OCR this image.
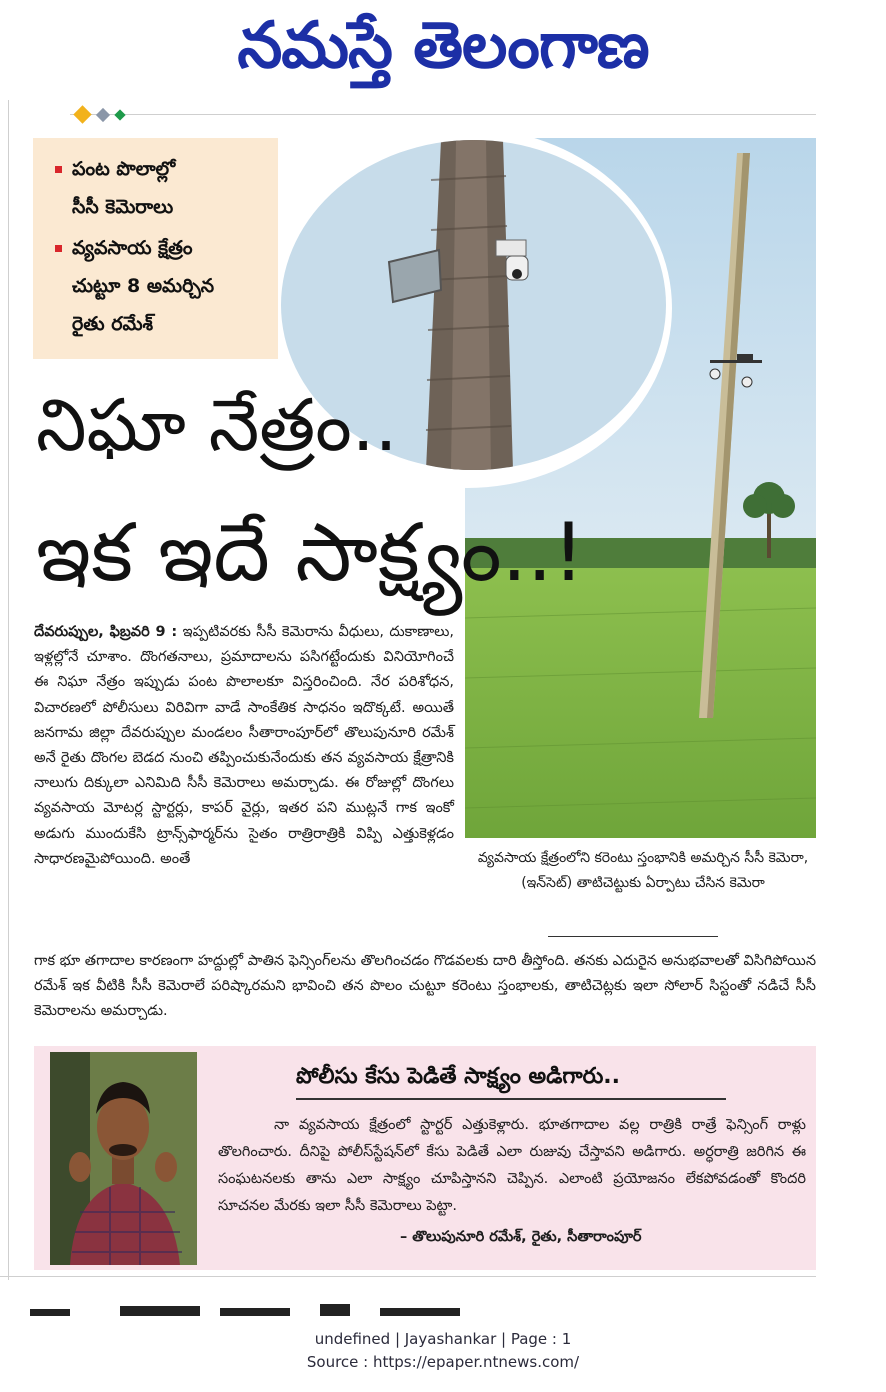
నమస్తే తెలంగాణ
పంట పొలాల్లో
సీసీ కెమెరాలు
వ్యవసాయ క్షేత్రం
చుట్టూ 8 అమర్చిన
రైతు రమేశ్
నిఘా నేత్రం..
ఇక ఇదే సాక్ష్యం..!
దేవరుప్పుల, ఫిబ్రవరి 9 : ఇప్పటివరకు సీసీ కెమెరాను వీధులు, దుకాణాలు, ఇళ్లల్లోనే చూశాం. దొంగతనాలు, ప్రమాదాలను పసిగట్టేందుకు వినియోగించే ఈ నిఘా నేత్రం ఇప్పుడు పంట పొలాలకూ విస్తరించింది. నేర పరిశోధన, విచారణలో పోలీసులు విరివిగా వాడే సాంకేతిక సాధనం ఇదొక్కటే. అయితే జనగామ జిల్లా దేవరుప్పుల మండలం సీతారాంపూర్‌లో తొలుపునూరి రమేశ్ అనే రైతు దొంగల బెడద నుంచి తప్పించుకునేందుకు తన వ్యవసాయ క్షేత్రానికి నాలుగు దిక్కులా ఎనిమిది సీసీ కెమెరాలు అమర్చాడు. ఈ రోజుల్లో దొంగలు వ్యవసాయ మోటర్ల స్టార్టర్లు, కాపర్ వైర్లు, ఇతర పని ముట్లనే గాక ఇంకో అడుగు ముందుకేసి ట్రాన్స్‌ఫార్మర్‌ను సైతం రాత్రిరాత్రికి విప్పి ఎత్తుకెళ్లడం సాధారణమైపోయింది. అంతే
గాక భూ తగాదాల కారణంగా హద్దుల్లో పాతిన ఫెన్సింగ్‌లను తొలగించడం గొడవలకు దారి తీస్తోంది. తనకు ఎదురైన అనుభవాలతో విసిగిపోయిన రమేశ్ ఇక వీటికి సీసీ కెమెరాలే పరిష్కారమని భావించి తన పొలం చుట్టూ కరెంటు స్తంభాలకు, తాటిచెట్లకు ఇలా సోలార్ సిస్టంతో నడిచే సీసీ కెమెరాలను అమర్చాడు.
వ్యవసాయ క్షేత్రంలోని కరెంటు స్తంభానికి అమర్చిన సీసీ కెమెరా, (ఇన్‌సెట్) తాటిచెట్టుకు ఏర్పాటు చేసిన కెమెరా
పోలీసు కేసు పెడితే సాక్ష్యం అడిగారు..
నా వ్యవసాయ క్షేత్రంలో స్టార్టర్ ఎత్తుకెళ్లారు. భూతగాదాల వల్ల రాత్రికి రాత్రే ఫెన్సింగ్ రాళ్లు తొలగించారు. దీనిపై పోలీస్‌స్టేషన్‌లో కేసు పెడితే ఎలా రుజువు చేస్తావని అడిగారు. అర్ధరాత్రి జరిగిన ఈ సంఘటనలకు తాను ఎలా సాక్ష్యం చూపిస్తానని చెప్పిన. ఎలాంటి ప్రయోజనం లేకపోవడంతో కొందరి సూచనల మేరకు ఇలా సీసీ కెమెరాలు పెట్టా.
– తొలుపునూరి రమేశ్, రైతు, సీతారాంపూర్
undefined | Jayashankar | Page : 1
Source : https://epaper.ntnews.com/
